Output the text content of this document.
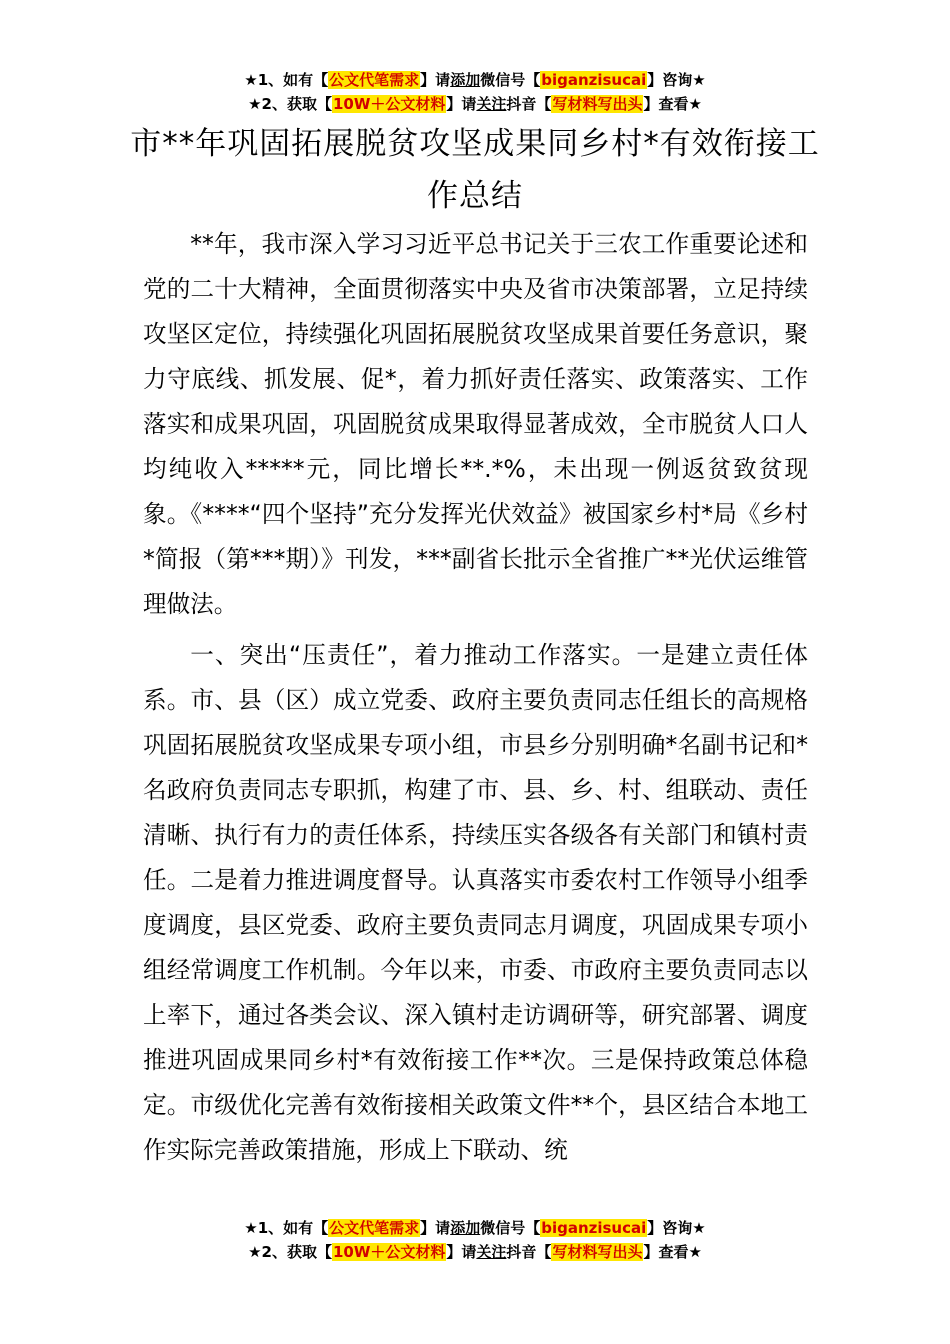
★1、如有【公文代笔需求】请添加微信号【biganzisucai】咨询★
★2、获取【10W＋公文材料】请关注抖音【写材料写出头】查看★
市**年巩固拓展脱贫攻坚成果同乡村*有效衔接工作总结

**年，我市深入学习习近平总书记关于三农工作重要论述和党的二十大精神，全面贯彻落实中央及省市决策部署，立足持续攻坚区定位，持续强化巩固拓展脱贫攻坚成果首要任务意识，聚力守底线、抓发展、促*，着力抓好责任落实、政策落实、工作落实和成果巩固，巩固脱贫成果取得显著成效，全市脱贫人口人均纯收入*****元，同比增长**.*%，未出现一例返贫致贫现象。《****“四个坚持”充分发挥光伏效益》被国家乡村*局《乡村*简报（第***期）》刊发，***副省长批示全省推广**光伏运维管理做法。

一、突出“压责任”，着力推动工作落实。一是建立责任体系。市、县（区）成立党委、政府主要负责同志任组长的高规格巩固拓展脱贫攻坚成果专项小组，市县乡分别明确*名副书记和*名政府负责同志专职抓，构建了市、县、乡、村、组联动、责任清晰、执行有力的责任体系，持续压实各级各有关部门和镇村责任。二是着力推进调度督导。认真落实市委农村工作领导小组季度调度，县区党委、政府主要负责同志月调度，巩固成果专项小组经常调度工作机制。今年以来，市委、市政府主要负责同志以上率下，通过各类会议、深入镇村走访调研等，研究部署、调度推进巩固成果同乡村*有效衔接工作**次。三是保持政策总体稳定。市级优化完善有效衔接相关政策文件**个，县区结合本地工作实际完善政策措施，形成上下联动、统

★1、如有【公文代笔需求】请添加微信号【biganzisucai】咨询★
★2、获取【10W＋公文材料】请关注抖音【写材料写出头】查看★
